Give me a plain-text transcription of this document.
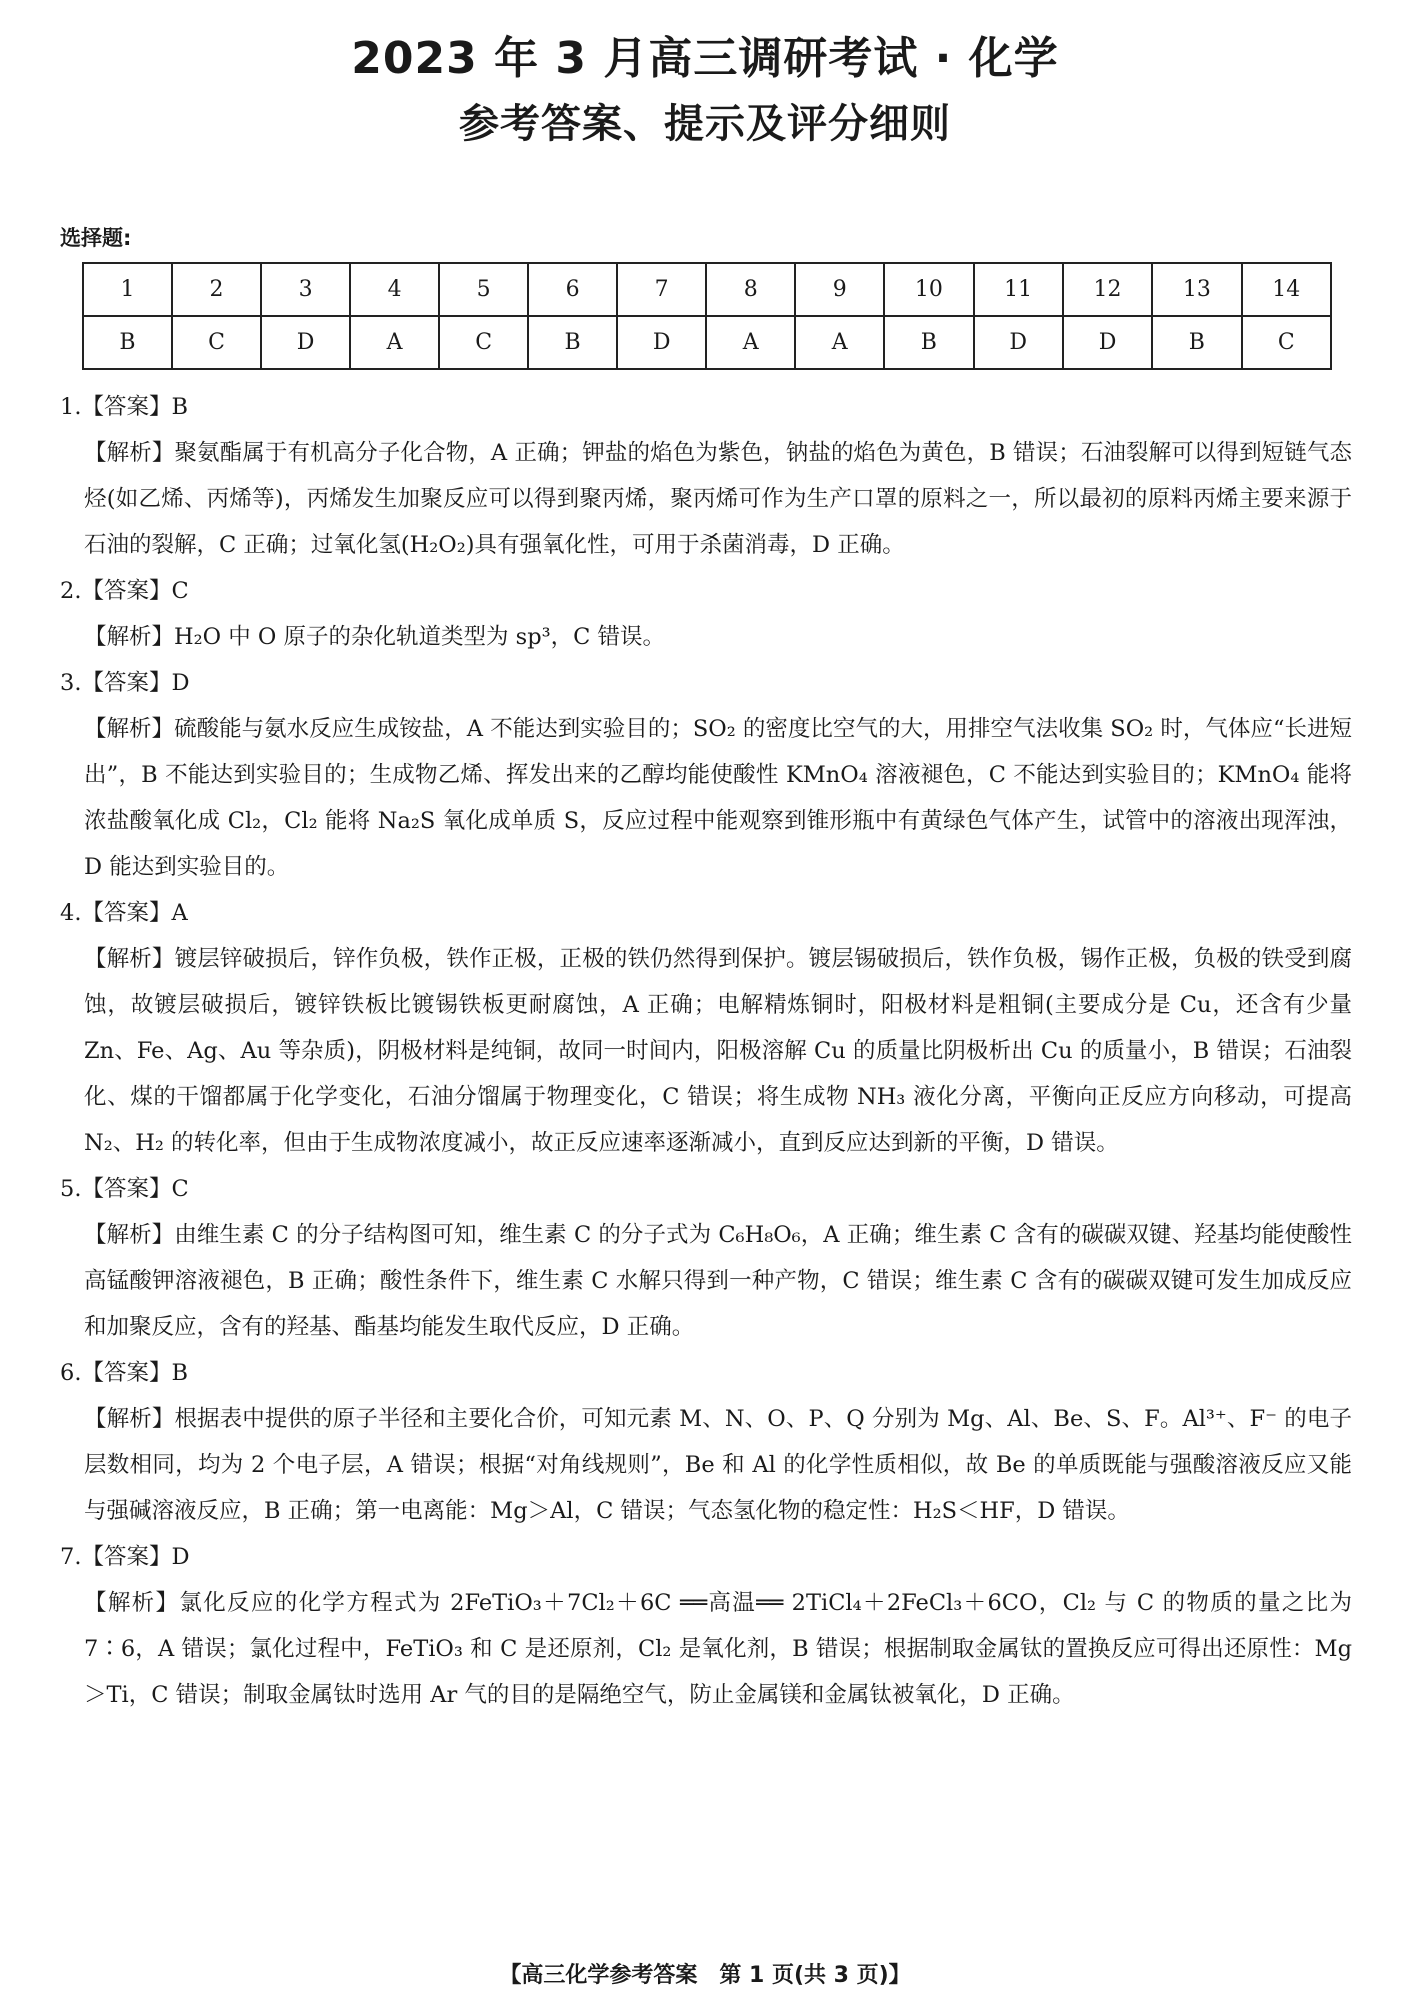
2023 年 3 月高三调研考试 · 化学
参考答案、提示及评分细则
选择题:
1	2	3	4	5	6	7	8	9	10	11	12	13	14
B	C	D	A	C	B	D	A	A	B	D	D	B	C

1.【答案】B

【解析】聚氨酯属于有机高分子化合物，A 正确；钾盐的焰色为紫色，钠盐的焰色为黄色，B 错误；石油裂解可以得到短链气态烃(如乙烯、丙烯等)，丙烯发生加聚反应可以得到聚丙烯，聚丙烯可作为生产口罩的原料之一，所以最初的原料丙烯主要来源于石油的裂解，C 正确；过氧化氢(H₂O₂)具有强氧化性，可用于杀菌消毒，D 正确。

2.【答案】C

【解析】H₂O 中 O 原子的杂化轨道类型为 sp³，C 错误。

3.【答案】D

【解析】硫酸能与氨水反应生成铵盐，A 不能达到实验目的；SO₂ 的密度比空气的大，用排空气法收集 SO₂ 时，气体应“长进短出”，B 不能达到实验目的；生成物乙烯、挥发出来的乙醇均能使酸性 KMnO₄ 溶液褪色，C 不能达到实验目的；KMnO₄ 能将浓盐酸氧化成 Cl₂，Cl₂ 能将 Na₂S 氧化成单质 S，反应过程中能观察到锥形瓶中有黄绿色气体产生，试管中的溶液出现浑浊，D 能达到实验目的。

4.【答案】A

【解析】镀层锌破损后，锌作负极，铁作正极，正极的铁仍然得到保护。镀层锡破损后，铁作负极，锡作正极，负极的铁受到腐蚀，故镀层破损后，镀锌铁板比镀锡铁板更耐腐蚀，A 正确；电解精炼铜时，阳极材料是粗铜(主要成分是 Cu，还含有少量 Zn、Fe、Ag、Au 等杂质)，阴极材料是纯铜，故同一时间内，阳极溶解 Cu 的质量比阴极析出 Cu 的质量小，B 错误；石油裂化、煤的干馏都属于化学变化，石油分馏属于物理变化，C 错误；将生成物 NH₃ 液化分离，平衡向正反应方向移动，可提高 N₂、H₂ 的转化率，但由于生成物浓度减小，故正反应速率逐渐减小，直到反应达到新的平衡，D 错误。

5.【答案】C

【解析】由维生素 C 的分子结构图可知，维生素 C 的分子式为 C₆H₈O₆，A 正确；维生素 C 含有的碳碳双键、羟基均能使酸性高锰酸钾溶液褪色，B 正确；酸性条件下，维生素 C 水解只得到一种产物，C 错误；维生素 C 含有的碳碳双键可发生加成反应和加聚反应，含有的羟基、酯基均能发生取代反应，D 正确。

6.【答案】B

【解析】根据表中提供的原子半径和主要化合价，可知元素 M、N、O、P、Q 分别为 Mg、Al、Be、S、F。Al³⁺、F⁻ 的电子层数相同，均为 2 个电子层，A 错误；根据“对角线规则”，Be 和 Al 的化学性质相似，故 Be 的单质既能与强酸溶液反应又能与强碱溶液反应，B 正确；第一电离能：Mg＞Al，C 错误；气态氢化物的稳定性：H₂S＜HF，D 错误。

7.【答案】D

【解析】氯化反应的化学方程式为 2FeTiO₃＋7Cl₂＋6C ══高温══ 2TiCl₄＋2FeCl₃＋6CO，Cl₂ 与 C 的物质的量之比为 7∶6，A 错误；氯化过程中，FeTiO₃ 和 C 是还原剂，Cl₂ 是氧化剂，B 错误；根据制取金属钛的置换反应可得出还原性：Mg＞Ti，C 错误；制取金属钛时选用 Ar 气的目的是隔绝空气，防止金属镁和金属钛被氧化，D 正确。

【高三化学参考答案　第 1 页(共 3 页)】
